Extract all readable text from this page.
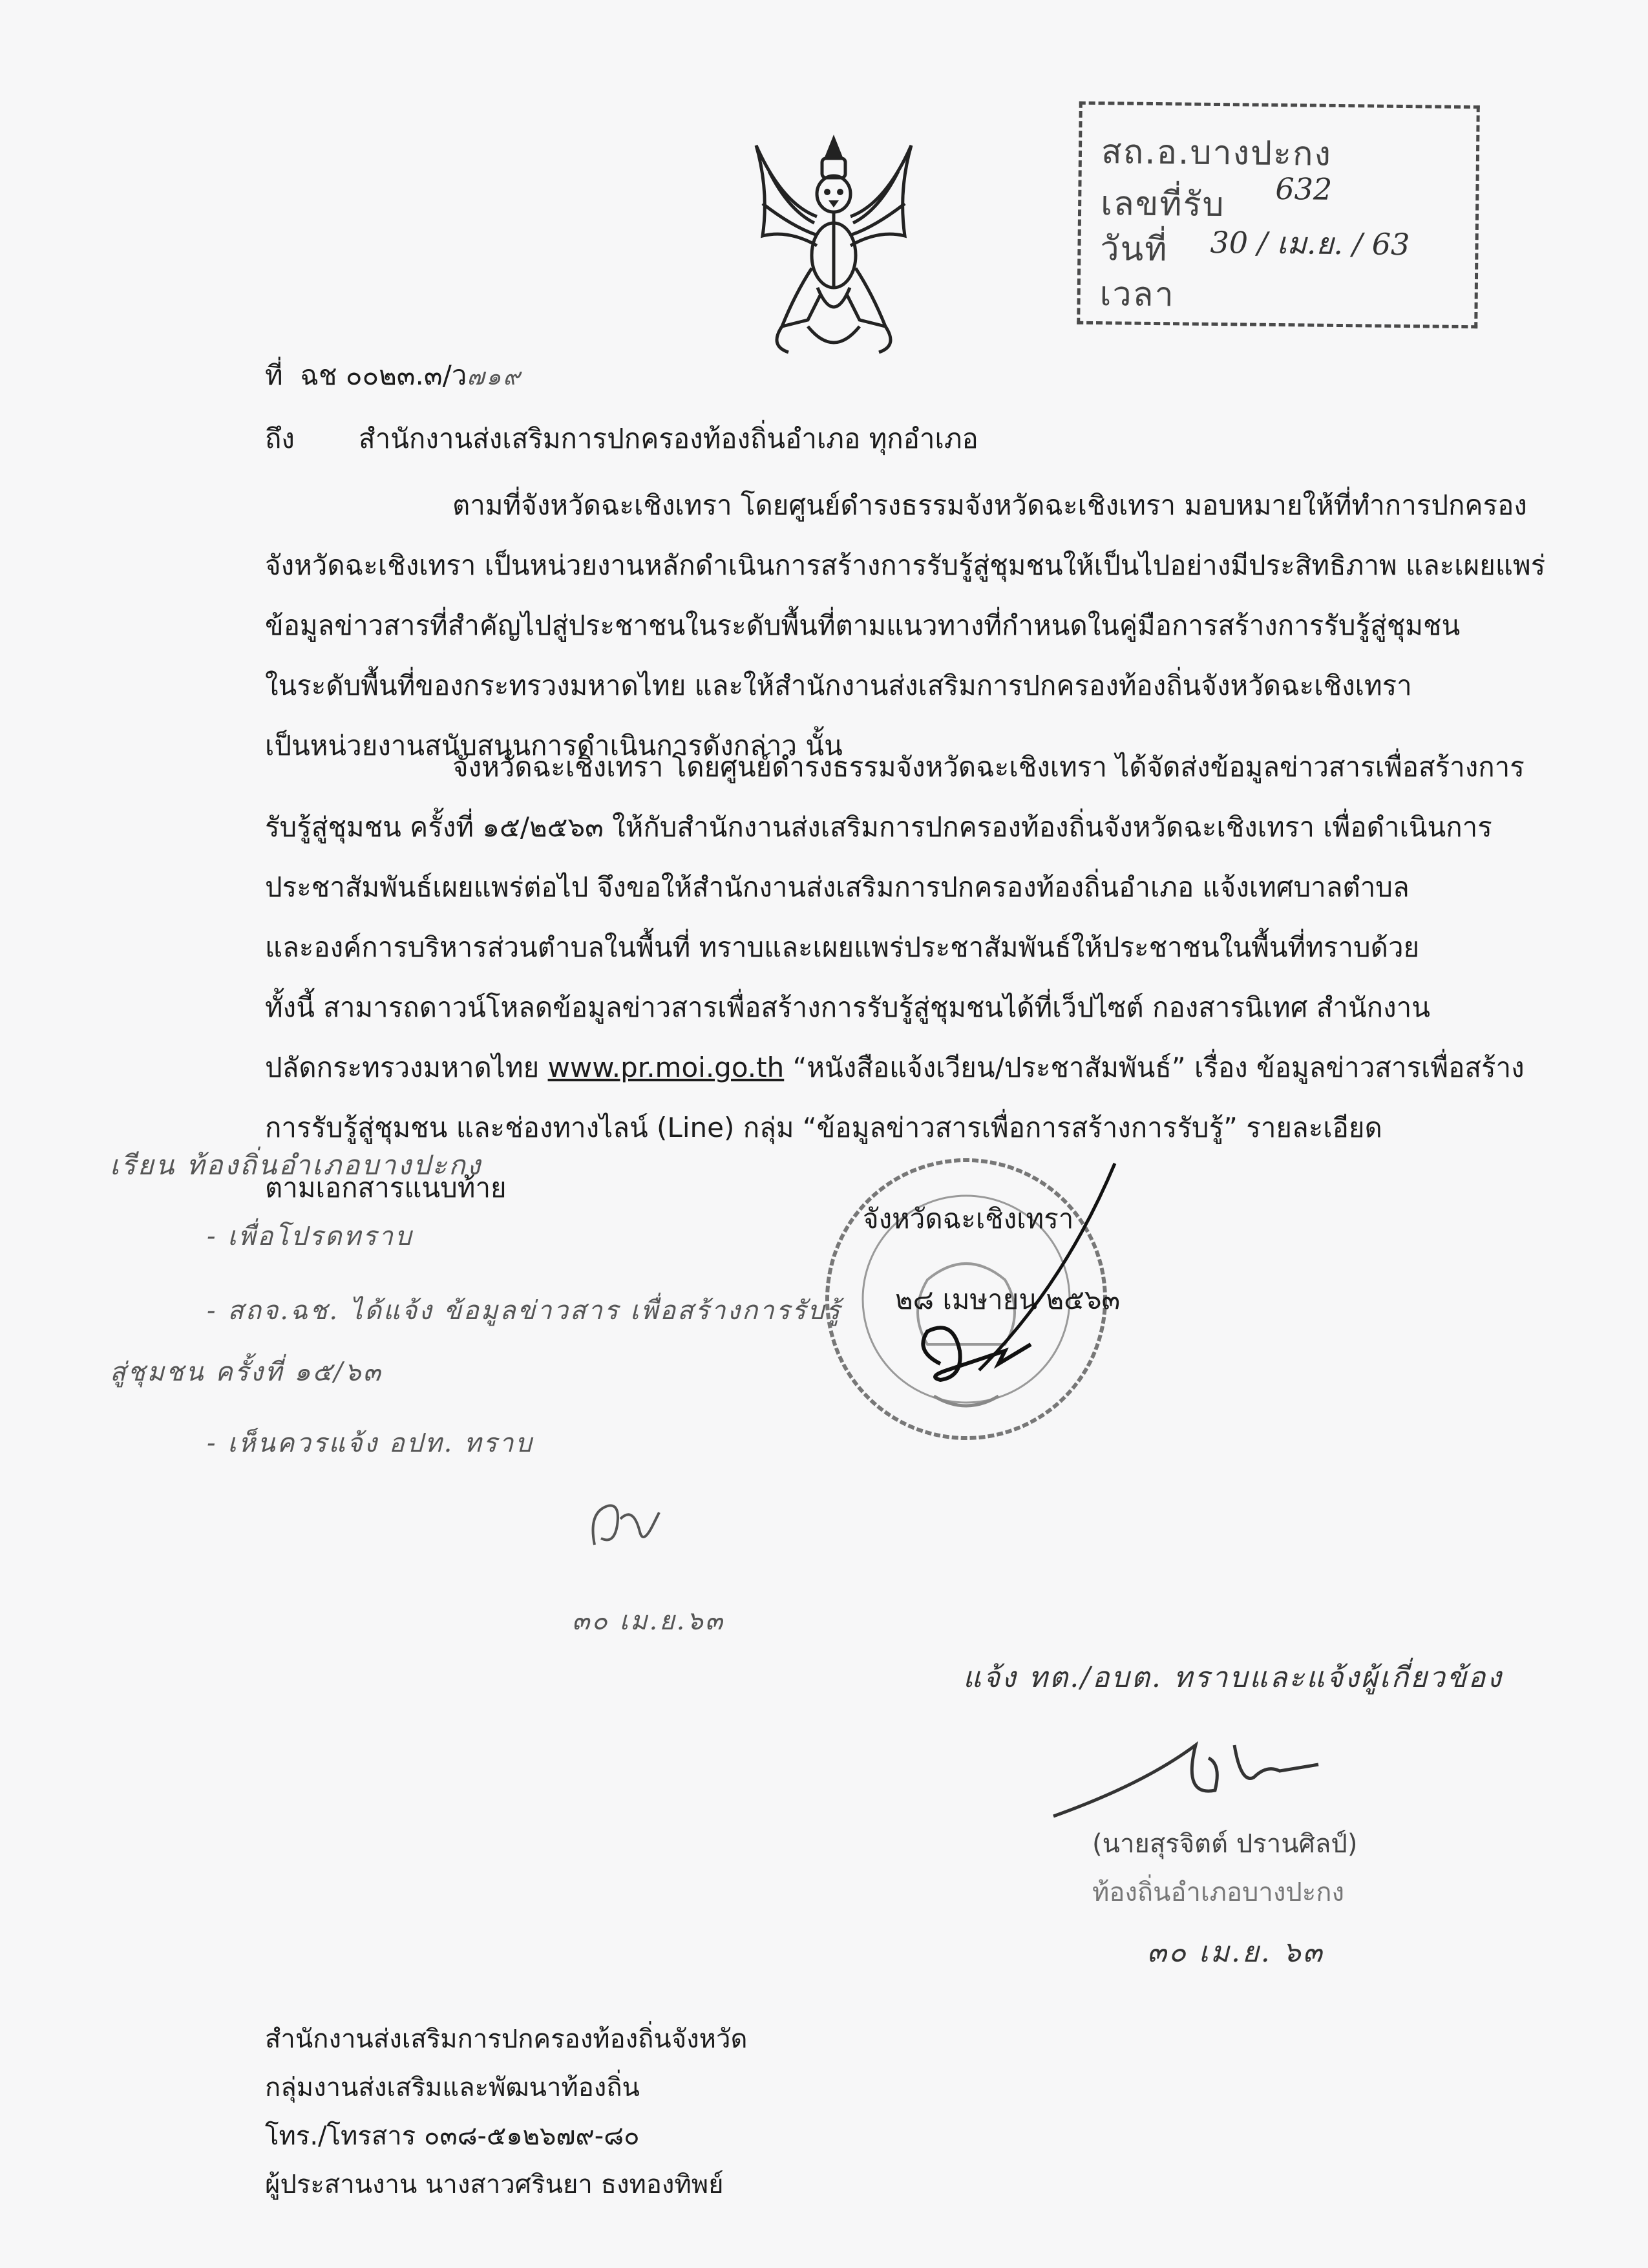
สถ.อ.บางปะกง
เลขที่รับ 632
วันที่ 30 / เม.ย. / 63
เวลา
ที่ ฉช ๐๐๒๓.๓/ว๗๑๙
ถึง สำนักงานส่งเสริมการปกครองท้องถิ่นอำเภอ ทุกอำเภอ
ตามที่จังหวัดฉะเชิงเทรา โดยศูนย์ดำรงธรรมจังหวัดฉะเชิงเทรา มอบหมายให้ที่ทำการปกครอง
จังหวัดฉะเชิงเทรา เป็นหน่วยงานหลักดำเนินการสร้างการรับรู้สู่ชุมชนให้เป็นไปอย่างมีประสิทธิภาพ และเผยแพร่
ข้อมูลข่าวสารที่สำคัญไปสู่ประชาชนในระดับพื้นที่ตามแนวทางที่กำหนดในคู่มือการสร้างการรับรู้สู่ชุมชน
ในระดับพื้นที่ของกระทรวงมหาดไทย และให้สำนักงานส่งเสริมการปกครองท้องถิ่นจังหวัดฉะเชิงเทรา
เป็นหน่วยงานสนับสนุนการดำเนินการดังกล่าว นั้น
จังหวัดฉะเชิงเทรา โดยศูนย์ดำรงธรรมจังหวัดฉะเชิงเทรา ได้จัดส่งข้อมูลข่าวสารเพื่อสร้างการ
รับรู้สู่ชุมชน ครั้งที่ ๑๕/๒๕๖๓ ให้กับสำนักงานส่งเสริมการปกครองท้องถิ่นจังหวัดฉะเชิงเทรา เพื่อดำเนินการ
ประชาสัมพันธ์เผยแพร่ต่อไป จึงขอให้สำนักงานส่งเสริมการปกครองท้องถิ่นอำเภอ แจ้งเทศบาลตำบล
และองค์การบริหารส่วนตำบลในพื้นที่ ทราบและเผยแพร่ประชาสัมพันธ์ให้ประชาชนในพื้นที่ทราบด้วย
ทั้งนี้ สามารถดาวน์โหลดข้อมูลข่าวสารเพื่อสร้างการรับรู้สู่ชุมชนได้ที่เว็ปไซต์ กองสารนิเทศ สำนักงาน
ปลัดกระทรวงมหาดไทย www.pr.moi.go.th “หนังสือแจ้งเวียน/ประชาสัมพันธ์” เรื่อง ข้อมูลข่าวสารเพื่อสร้าง
การรับรู้สู่ชุมชน และช่องทางไลน์ (Line) กลุ่ม “ข้อมูลข่าวสารเพื่อการสร้างการรับรู้” รายละเอียด
ตามเอกสารแนบท้าย
เรียน ท้องถิ่นอำเภอบางปะกง
- เพื่อโปรดทราบ
- สถจ.ฉช. ได้แจ้ง ข้อมูลข่าวสาร เพื่อสร้างการรับรู้
สู่ชุมชน ครั้งที่ ๑๕/๖๓
- เห็นควรแจ้ง อปท. ทราบ
๓๐ เม.ย.๖๓
จังหวัดฉะเชิงเทรา
๒๘ เมษายน ๒๕๖๓
แจ้ง ทต./อบต. ทราบและแจ้งผู้เกี่ยวข้อง
(นายสุรจิตต์ ปรานศิลป์)
ท้องถิ่นอำเภอบางปะกง
๓๐ เม.ย. ๖๓
สำนักงานส่งเสริมการปกครองท้องถิ่นจังหวัด
กลุ่มงานส่งเสริมและพัฒนาท้องถิ่น
โทร./โทรสาร ๐๓๘-๕๑๒๖๗๙-๘๐
ผู้ประสานงาน นางสาวศรินยา ธงทองทิพย์
